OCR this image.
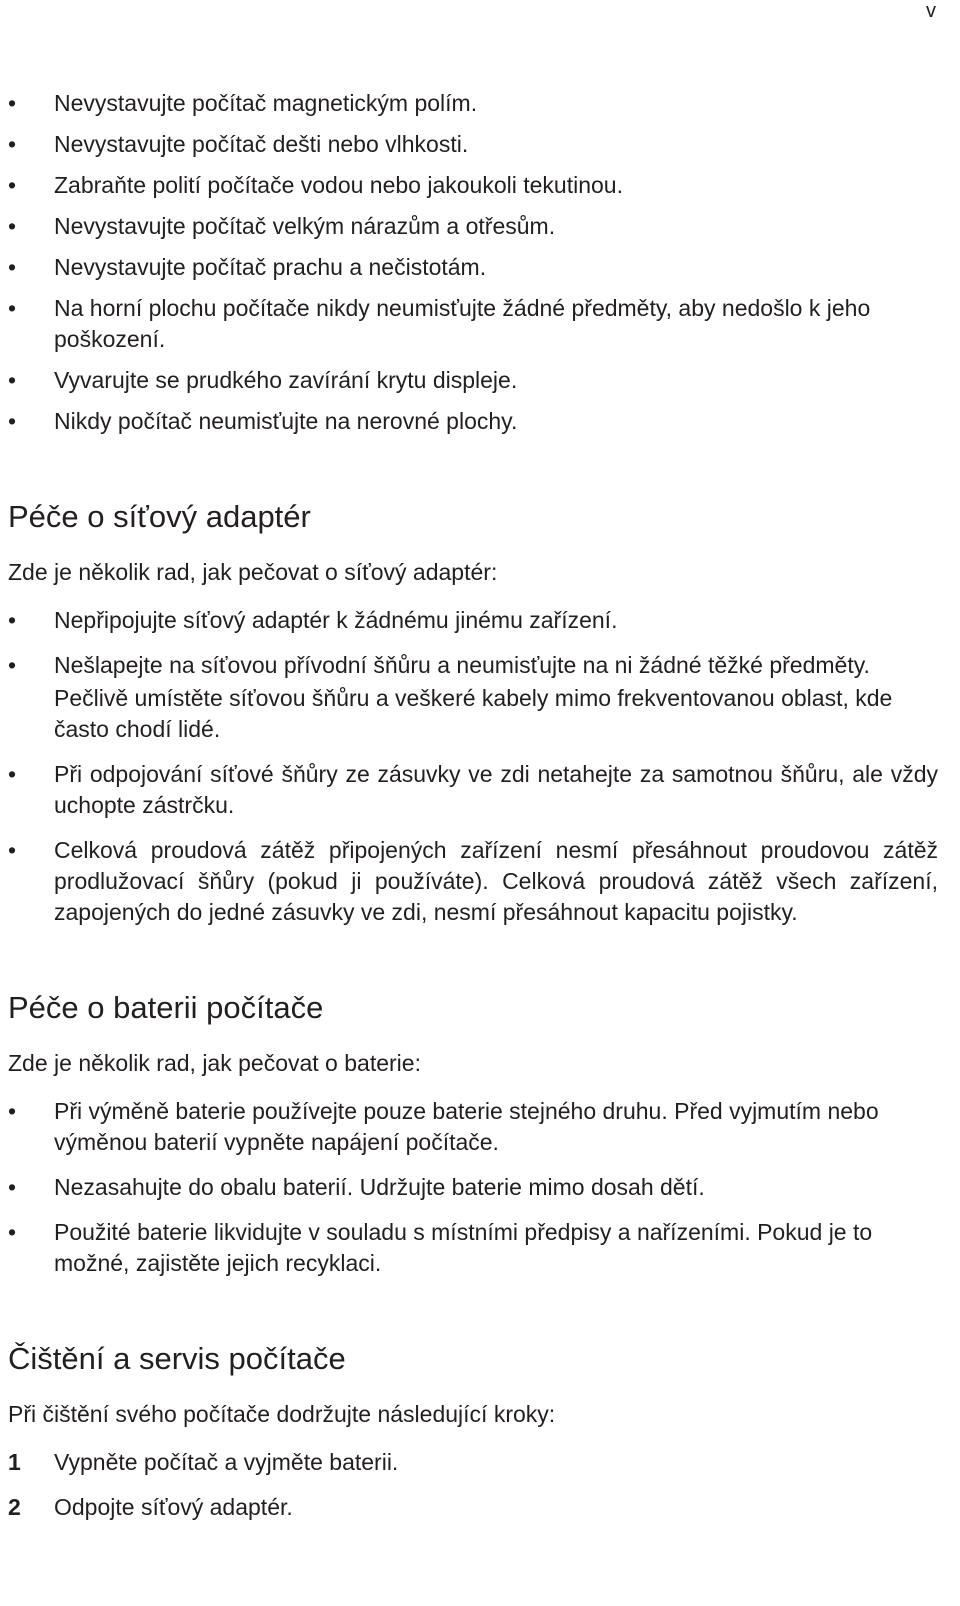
v
•	Nevystavujte počítač magnetickým polím.
•	Nevystavujte počítač dešti nebo vlhkosti.
•	Zabraňte polití počítače vodou nebo jakoukoli tekutinou.
•	Nevystavujte počítač velkým nárazům a otřesům.
•	Nevystavujte počítač prachu a nečistotám.
•	Na horní plochu počítače nikdy neumisťujte žádné předměty, aby nedošlo k jeho poškození.
•	Vyvarujte se prudkého zavírání krytu displeje.
•	Nikdy počítač neumisťujte na nerovné plochy.
Péče o síťový adaptér
Zde je několik rad, jak pečovat o síťový adaptér:
•	Nepřipojujte síťový adaptér k žádnému jinému zařízení.
•	Nešlapejte na síťovou přívodní šňůru a neumisťujte na ni žádné těžké předměty.
Pečlivě umístěte síťovou šňůru a veškeré kabely mimo frekventovanou oblast, kde často chodí lidé.
•	Při odpojování síťové šňůry ze zásuvky ve zdi netahejte za samotnou šňůru, ale vždy uchopte zástrčku.
•	Celková proudová zátěž připojených zařízení nesmí přesáhnout proudovou zátěž prodlužovací šňůry (pokud ji používáte). Celková proudová zátěž všech zařízení, zapojených do jedné zásuvky ve zdi, nesmí přesáhnout kapacitu pojistky.
Péče o baterii počítače
Zde je několik rad, jak pečovat o baterie:
•	Při výměně baterie používejte pouze baterie stejného druhu. Před vyjmutím nebo výměnou baterií vypněte napájení počítače.
•	Nezasahujte do obalu baterií. Udržujte baterie mimo dosah dětí.
•	Použité baterie likvidujte v souladu s místními předpisy a nařízeními. Pokud je to možné, zajistěte jejich recyklaci.
Čištění a servis počítače
Při čištění svého počítače dodržujte následující kroky:
1	Vypněte počítač a vyjměte baterii.
2	Odpojte síťový adaptér.
